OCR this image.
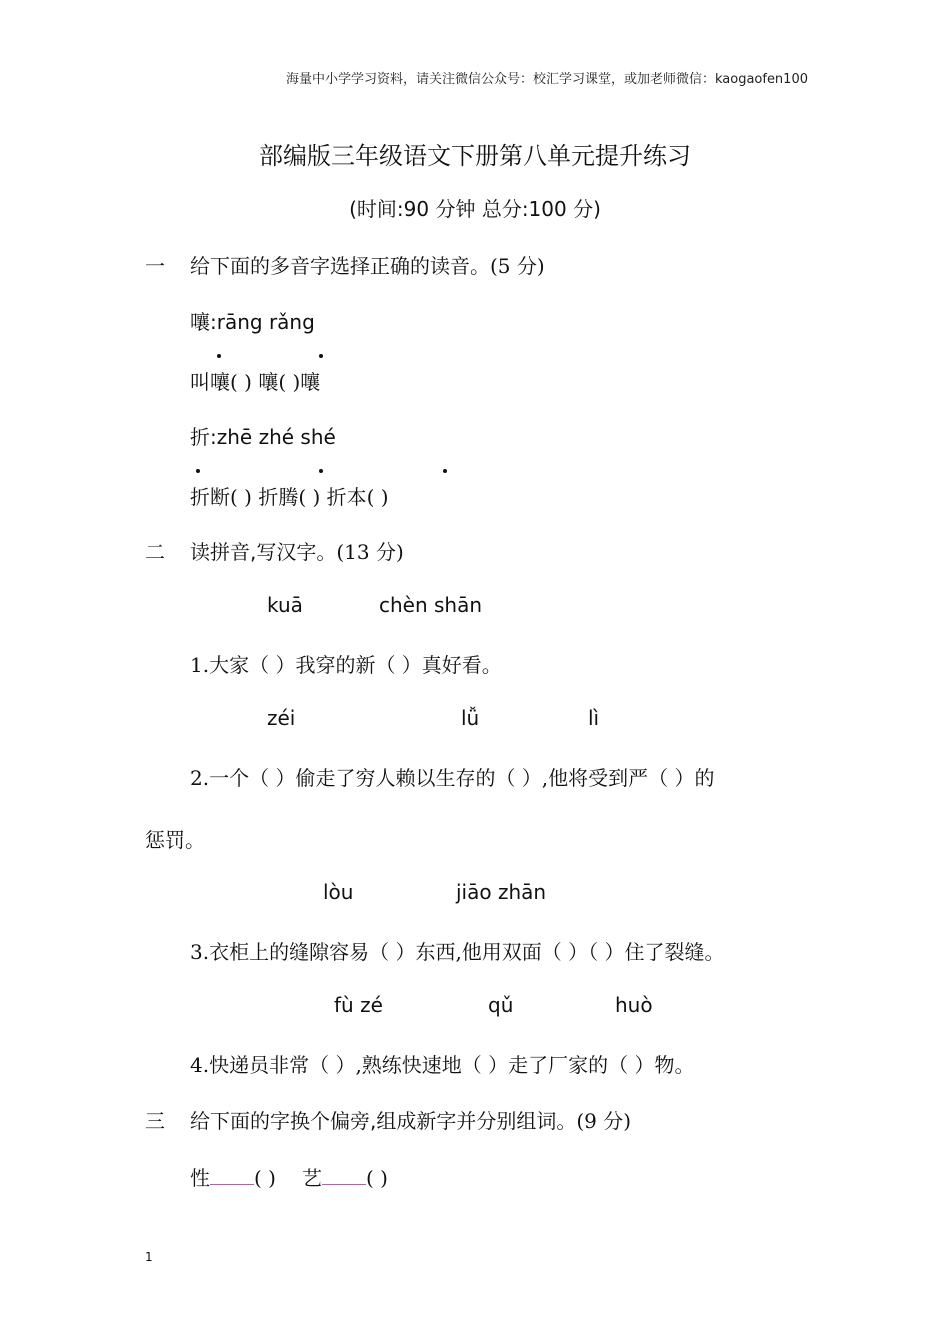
海量中小学学习资料，请关注微信公众号：校汇学习课堂，或加老师微信：kaogaofen100
部编版三年级语文下册第八单元提升练习
(时间:90 分钟 总分:100 分)
一 给下面的多音字选择正确的读音。(5 分)
嚷:rāng rǎng
叫嚷( ) 嚷( )嚷
折:zhē zhé shé
折断( ) 折腾( ) 折本( )
二 读拼音,写汉字。(13 分)
kuā	chèn shān
1.大家（ ）我穿的新（ ）真好看。
zéi	lǚ	lì
2.一个（ ）偷走了穷人赖以生存的（ ）,他将受到严（ ）的
惩罚。
lòu	jiāo zhān
3.衣柜上的缝隙容易（ ）东西,他用双面（ ）（ ）住了裂缝。
fù zé	qǔ	huò
4.快递员非常（ ）,熟练快速地（ ）走了厂家的（ ）物。
三 给下面的字换个偏旁,组成新字并分别组词。(9 分)
性 ( ) 艺 ( )
1
